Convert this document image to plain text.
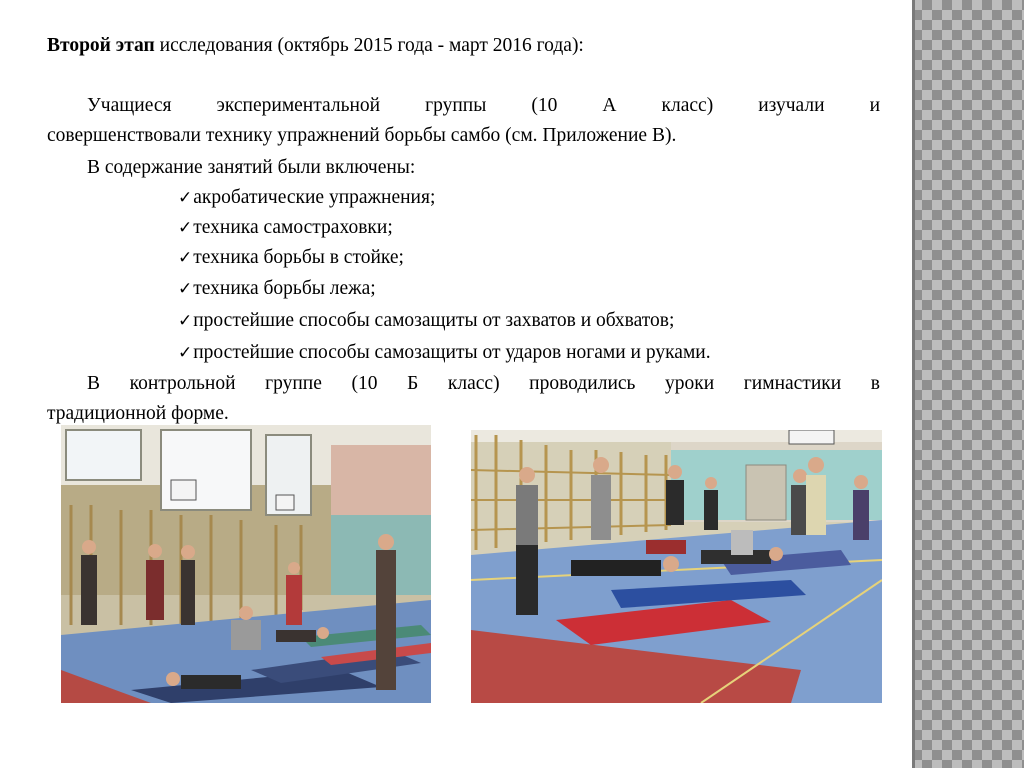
Второй этап исследования (октябрь 2015 года - март 2016 года):
Учащиеся экспериментальной группы (10 А класс) изучали и
совершенствовали технику упражнений борьбы самбо (см. Приложение В).
В содержание занятий были включены:
✓акробатические упражнения;
✓техника самостраховки;
✓техника борьбы в стойке;
✓техника борьбы лежа;
✓простейшие способы самозащиты от захватов и обхватов;
✓простейшие способы самозащиты от ударов ногами и руками.
В контрольной группе (10 Б класс) проводились уроки гимнастики в
традиционной форме.
